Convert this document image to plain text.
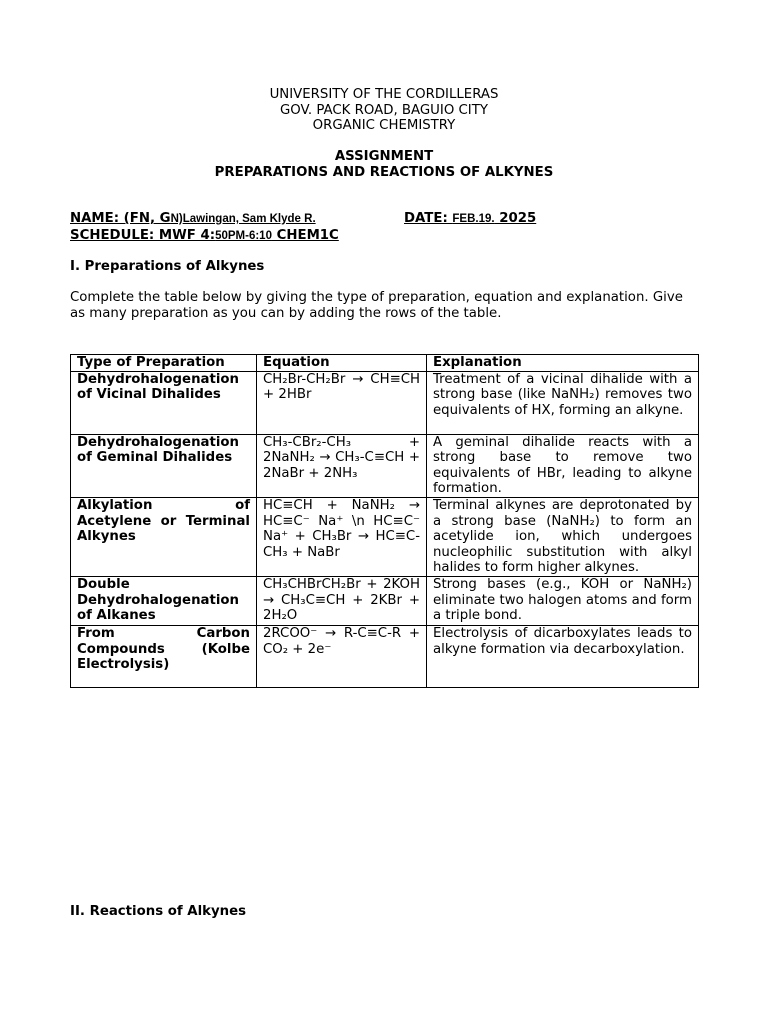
UNIVERSITY OF THE CORDILLERAS
GOV. PACK ROAD, BAGUIO CITY
ORGANIC CHEMISTRY
ASSIGNMENT
PREPARATIONS AND REACTIONS OF ALKYNES
NAME: (FN, GN)Lawingan, Sam Klyde R.	DATE: FEB.19. 2025
SCHEDULE: MWF 4:50PM-6:10 CHEM1C
I. Preparations of Alkynes
Complete the table below by giving the type of preparation, equation and explanation. Give as many preparation as you can by adding the rows of the table.
Type of Preparation	Equation	Explanation
Dehydrohalogenation of Vicinal Dihalides	CH₂Br-CH₂Br → CH≡CH + 2HBr	Treatment of a vicinal dihalide with a strong base (like NaNH₂) removes two equivalents of HX, forming an alkyne.
Dehydrohalogenation of Geminal Dihalides	CH₃-CBr₂-CH₃ + 2NaNH₂ → CH₃-C≡CH + 2NaBr + 2NH₃	A geminal dihalide reacts with a strong base to remove two equivalents of HBr, leading to alkyne formation.
Alkylation of Acetylene or Terminal Alkynes	HC≡CH + NaNH₂ → HC≡C⁻ Na⁺ \n HC≡C⁻ Na⁺ + CH₃Br → HC≡C-CH₃ + NaBr	Terminal alkynes are deprotonated by a strong base (NaNH₂) to form an acetylide ion, which undergoes nucleophilic substitution with alkyl halides to form higher alkynes.
Double Dehydrohalogenation of Alkanes	CH₃CHBrCH₂Br + 2KOH → CH₃C≡CH + 2KBr + 2H₂O	Strong bases (e.g., KOH or NaNH₂) eliminate two halogen atoms and form a triple bond.
From Carbon Compounds (Kolbe Electrolysis)	2RCOO⁻ → R-C≡C-R + CO₂ + 2e⁻	Electrolysis of dicarboxylates leads to alkyne formation via decarboxylation.
II. Reactions of Alkynes
